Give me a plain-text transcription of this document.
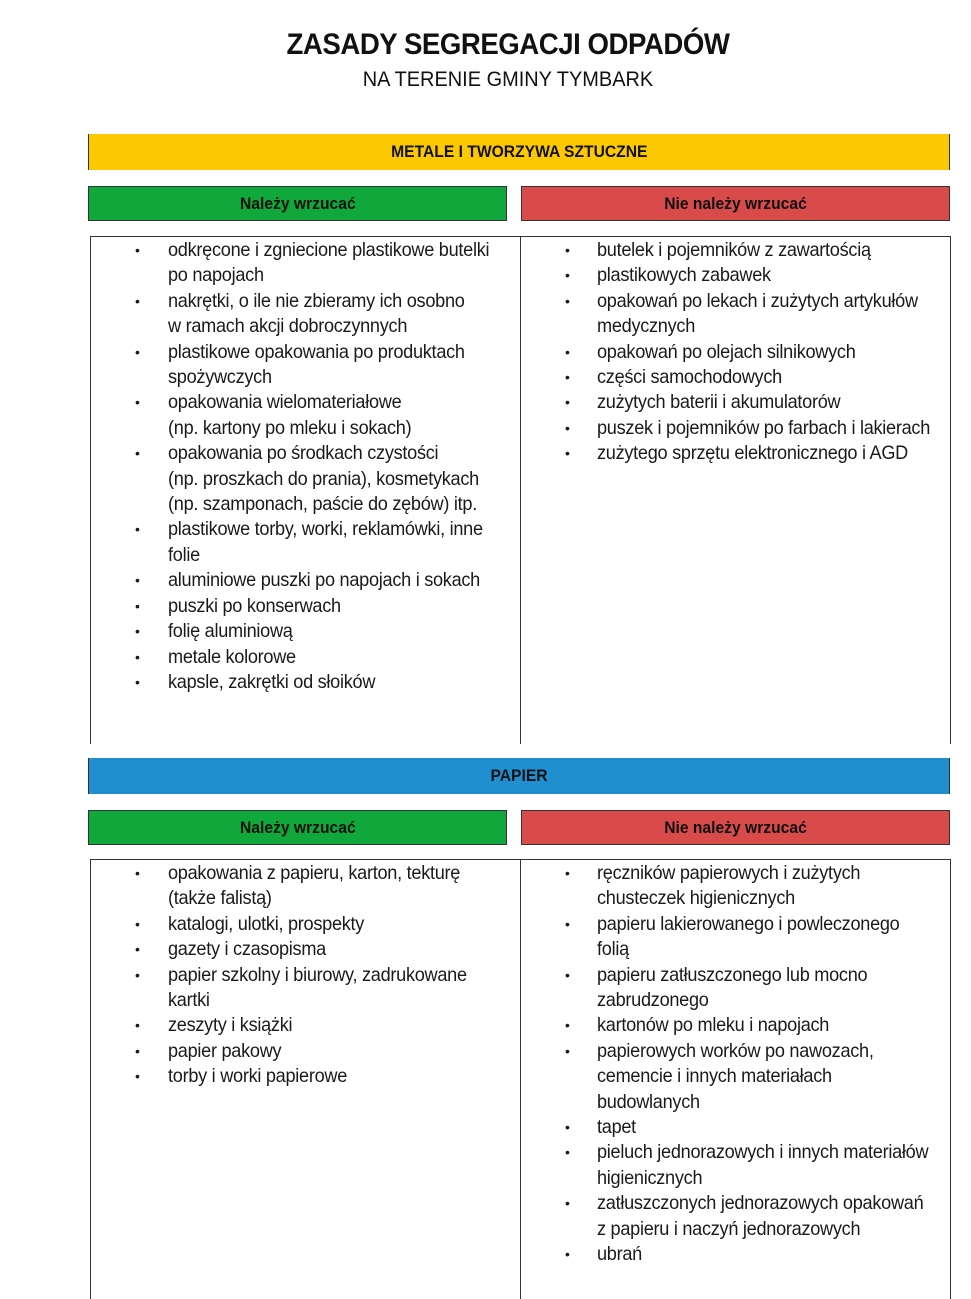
ZASADY SEGREGACJI ODPADÓW
NA TERENIE GMINY TYMBARK
METALE I TWORZYWA SZTUCZNE
Należy wrzucać	Nie należy wrzucać
• odkręcone i zgniecione plastikowe butelki
po napojach
• nakrętki, o ile nie zbieramy ich osobno
w ramach akcji dobroczynnych
• plastikowe opakowania po produktach
spożywczych
• opakowania wielomateriałowe
(np. kartony po mleku i sokach)
• opakowania po środkach czystości
(np. proszkach do prania), kosmetykach
(np. szamponach, paście do zębów) itp.
• plastikowe torby, worki, reklamówki, inne
folie
• aluminiowe puszki po napojach i sokach
• puszki po konserwach
• folię aluminiową
• metale kolorowe
• kapsle, zakrętki od słoików
• butelek i pojemników z zawartością
• plastikowych zabawek
• opakowań po lekach i zużytych artykułów
medycznych
• opakowań po olejach silnikowych
• części samochodowych
• zużytych baterii i akumulatorów
• puszek i pojemników po farbach i lakierach
• zużytego sprzętu elektronicznego i AGD
PAPIER
Należy wrzucać	Nie należy wrzucać
• opakowania z papieru, karton, tekturę
(także falistą)
• katalogi, ulotki, prospekty
• gazety i czasopisma
• papier szkolny i biurowy, zadrukowane
kartki
• zeszyty i książki
• papier pakowy
• torby i worki papierowe
• ręczników papierowych i zużytych
chusteczek higienicznych
• papieru lakierowanego i powleczonego
folią
• papieru zatłuszczonego lub mocno
zabrudzonego
• kartonów po mleku i napojach
• papierowych worków po nawozach,
cemencie i innych materiałach
budowlanych
• tapet
• pieluch jednorazowych i innych materiałów
higienicznych
• zatłuszczonych jednorazowych opakowań
z papieru i naczyń jednorazowych
• ubrań
